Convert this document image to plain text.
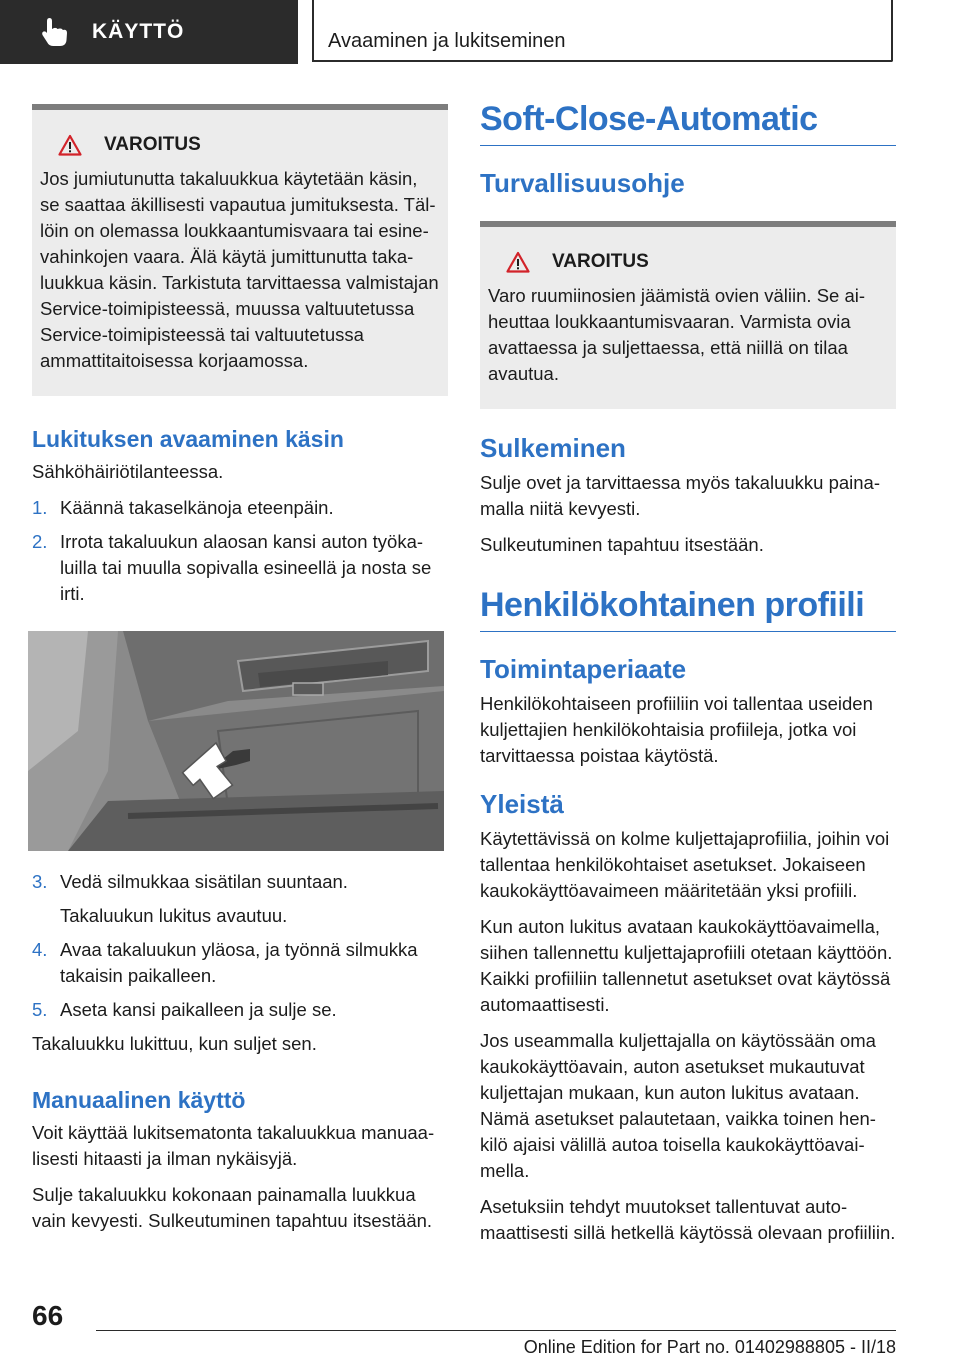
KÄYTTÖ	Avaaminen ja lukitseminen
VAROITUS

Jos jumiutunutta takaluukkua käytetään käsin, se saattaa äkillisesti vapautua jumituksesta. Tällöin on olemassa loukkaantumisvaara tai esinevahinkojen vaara. Älä käytä jumittunutta takaluukkua käsin. Tarkistuta tarvittaessa valmistajan Service-toimipisteessä, muussa valtuutetussa Service-toimipisteessä tai valtuutetussa ammattitaitoisessa korjaamossa.

Lukituksen avaaminen käsin

Sähköhäiriötilanteessa.

1. Käännä takaselkänoja eteenpäin.
2. Irrota takaluukun alaosan kansi auton työkaluilla tai muulla sopivalla esineellä ja nosta se irti.
3. Vedä silmukkaa sisätilan suuntaan.
Takaluukun lukitus avautuu.
4. Avaa takaluukun yläosa, ja työnnä silmukka takaisin paikalleen.
5. Aseta kansi paikalleen ja sulje se.

Takaluukku lukittuu, kun suljet sen.

Manuaalinen käyttö

Voit käyttää lukitsematonta takaluukkua manuaalisesti hitaasti ja ilman nykäisyjä.

Sulje takaluukku kokonaan painamalla luukkua vain kevyesti. Sulkeutuminen tapahtuu itsestään.

Soft-Close-Automatic
Turvallisuusohje
VAROITUS

Varo ruumiinosien jäämistä ovien väliin. Se aiheuttaa loukkaantumisvaaran. Varmista ovia avattaessa ja suljettaessa, että niillä on tilaa avautua.

Sulkeminen

Sulje ovet ja tarvittaessa myös takaluukku painamalla niitä kevyesti.

Sulkeutuminen tapahtuu itsestään.

Henkilökohtainen profiili
Toimintaperiaate

Henkilökohtaiseen profiiliin voi tallentaa useiden kuljettajien henkilökohtaisia profiileja, jotka voi tarvittaessa poistaa käytöstä.

Yleistä

Käytettävissä on kolme kuljettajaprofiilia, joihin voi tallentaa henkilökohtaiset asetukset. Jokaiseen kaukokäyttöavaimeen määritetään yksi profiili.

Kun auton lukitus avataan kaukokäyttöavaimella, siihen tallennettu kuljettajaprofiili otetaan käyttöön. Kaikki profiiliin tallennetut asetukset ovat käytössä automaattisesti.

Jos useammalla kuljettajalla on käytössään oma kaukokäyttöavain, auton asetukset mukautuvat kuljettajan mukaan, kun auton lukitus avataan. Nämä asetukset palautetaan, vaikka toinen henkilö ajaisi välillä autoa toisella kaukokäyttöavaimella.

Asetuksiin tehdyt muutokset tallentuvat automaattisesti sillä hetkellä käytössä olevaan profiiliin.

66
Online Edition for Part no. 01402988805 - II/18
